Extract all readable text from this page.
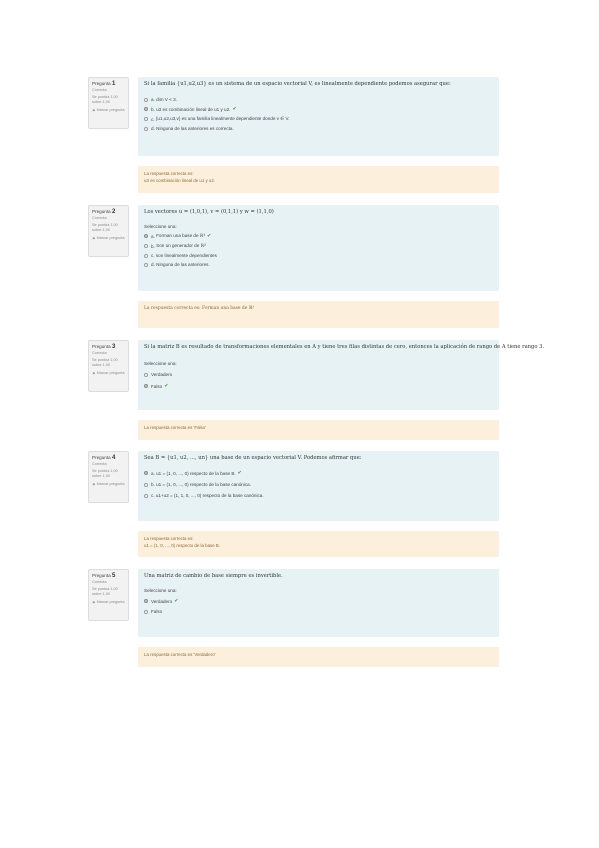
Pregunta 1
Correcta
Se puntúa 1,00 sobre 1,00
⚑ Marcar pregunta
Si la familia {u1,u2,u3} es un sistema de un espacio vectorial V, es linealmente dependiente podemos asegurar que:
a.
dim V < 3.
b.
u3 es combinación lineal de u1 y u2. ✔
c.
{u1,u2,u3,v} es una familia linealmente dependiente donde v ∈ V.
d.
Ninguna de las anteriores es correcta.
La respuesta correcta es:
u3 es combinación lineal de u1 y u2.
Pregunta 2
Correcta
Se puntúa 1,00 sobre 1,00
⚑ Marcar pregunta
Los vectores u = (1,0,1), v = (0,1,1) y w = (1,1,0)
Seleccione una:
a.
Forman una base de ℝ³ ✔
b.
Son un generador de ℝ²
c.
son linealmente dependientes
d.
Ninguna de las anteriores.
La respuesta correcta es: Forman una base de ℝ³
Pregunta 3
Correcta
Se puntúa 1,00 sobre 1,00
⚑ Marcar pregunta
Si la matriz B es resultado de transformaciones elementales en A y tiene tres filas distintas de cero, entonces la aplicación de rango de A tiene rango 3.
Seleccione una:
Verdadero
Falso ✔
La respuesta correcta es 'Falso'
Pregunta 4
Correcta
Se puntúa 1,00 sobre 1,00
⚑ Marcar pregunta
Sea B = {u1, u2, ..., un} una base de un espacio vectorial V. Podemos afirmar que:
a.
u1 = (1, 0, ..., 0) respecto de la base B. ✔
b.
u1 = (1, 0, ..., 0) respecto de la base canónica.
c.
u1+u2 = (1, 1, 0, ..., 0) respecto de la base canónica.
La respuesta correcta es:
u1 = (1, 0, ..., 0) respecto de la base B.
Pregunta 5
Correcta
Se puntúa 1,00 sobre 1,00
⚑ Marcar pregunta
Una matriz de cambio de base siempre es invertible.
Seleccione una:
Verdadero ✔
Falso
La respuesta correcta es 'Verdadero'
